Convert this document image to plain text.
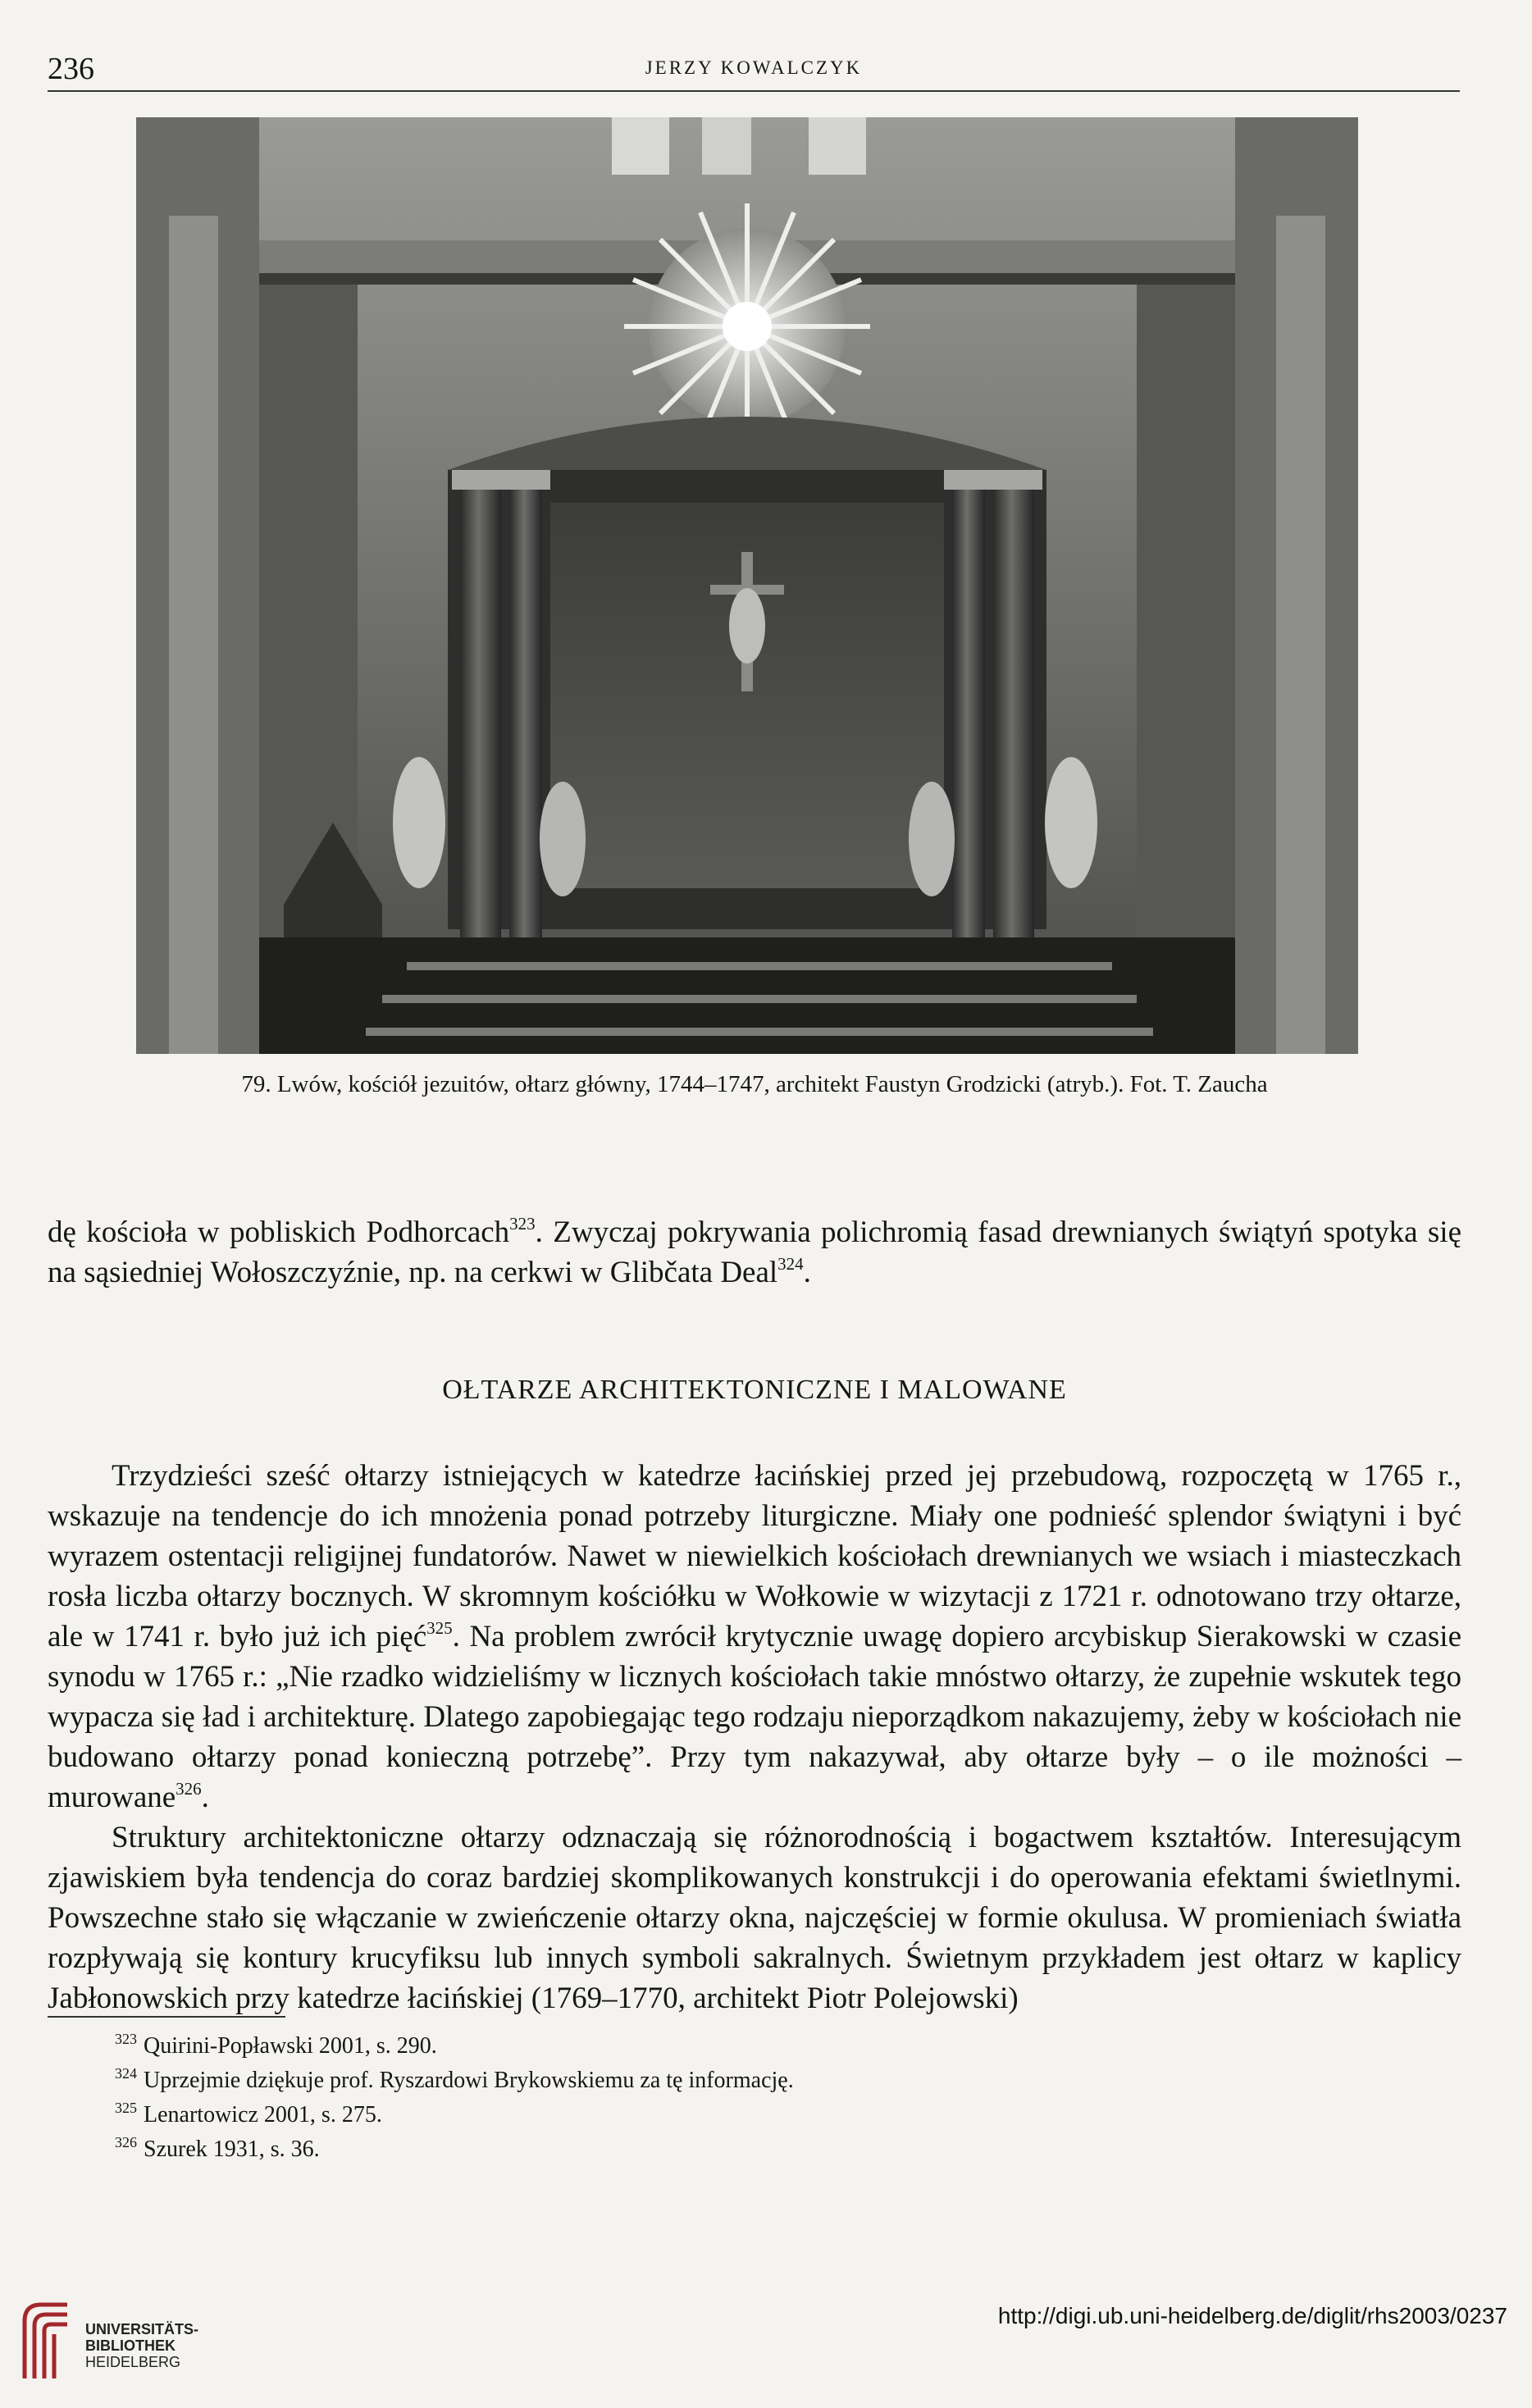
236	JERZY KOWALCZYK
79. Lwów, kościół jezuitów, ołtarz główny, 1744–1747, architekt Faustyn Grodzicki (atryb.). Fot. T. Zaucha

dę kościoła w pobliskich Podhorcach$^{323}$. Zwyczaj pokrywania polichromią fasad drewnianych świątyń spotyka się na sąsiedniej Wołoszczyźnie, np. na cerkwi w Glibčata Deal$^{324}$.

OŁTARZE ARCHITEKTONICZNE I MALOWANE

Trzydzieści sześć ołtarzy istniejących w katedrze łacińskiej przed jej przebudową, rozpoczętą w 1765 r., wskazuje na tendencje do ich mnożenia ponad potrzeby liturgiczne. Miały one podnieść splendor świątyni i być wyrazem ostentacji religijnej fundatorów. Nawet w niewielkich kościołach drewnianych we wsiach i miasteczkach rosła liczba ołtarzy bocznych. W skromnym kościółku w Wołkowie w wizytacji z 1721 r. odnotowano trzy ołtarze, ale w 1741 r. było już ich pięć$^{325}$. Na problem zwrócił krytycznie uwagę dopiero arcybiskup Sierakowski w czasie synodu w 1765 r.: „Nie rzadko widzieliśmy w licznych kościołach takie mnóstwo ołtarzy, że zupełnie wskutek tego wypacza się ład i architekturę. Dlatego zapobiegając tego rodzaju nieporządkom nakazujemy, żeby w kościołach nie budowano ołtarzy ponad konieczną potrzebę”. Przy tym nakazywał, aby ołtarze były – o ile możności – murowane$^{326}$.

Struktury architektoniczne ołtarzy odznaczają się różnorodnością i bogactwem kształtów. Interesującym zjawiskiem była tendencja do coraz bardziej skomplikowanych konstrukcji i do operowania efektami świetlnymi. Powszechne stało się włączanie w zwieńczenie ołtarzy okna, najczęściej w formie okulusa. W promieniach światła rozpływają się kontury krucyfiksu lub innych symboli sakralnych. Świetnym przykładem jest ołtarz w kaplicy Jabłonowskich przy katedrze łacińskiej (1769–1770, architekt Piotr Polejowski)

$^{323}$ Quirini-Popławski 2001, s. 290.
$^{324}$ Uprzejmie dziękuje prof. Ryszardowi Brykowskiemu za tę informację.
$^{325}$ Lenartowicz 2001, s. 275.
$^{326}$ Szurek 1931, s. 36.
UNIVERSITÄTS-
BIBLIOTHEK
HEIDELBERG
http://digi.ub.uni-heidelberg.de/diglit/rhs2003/0237
